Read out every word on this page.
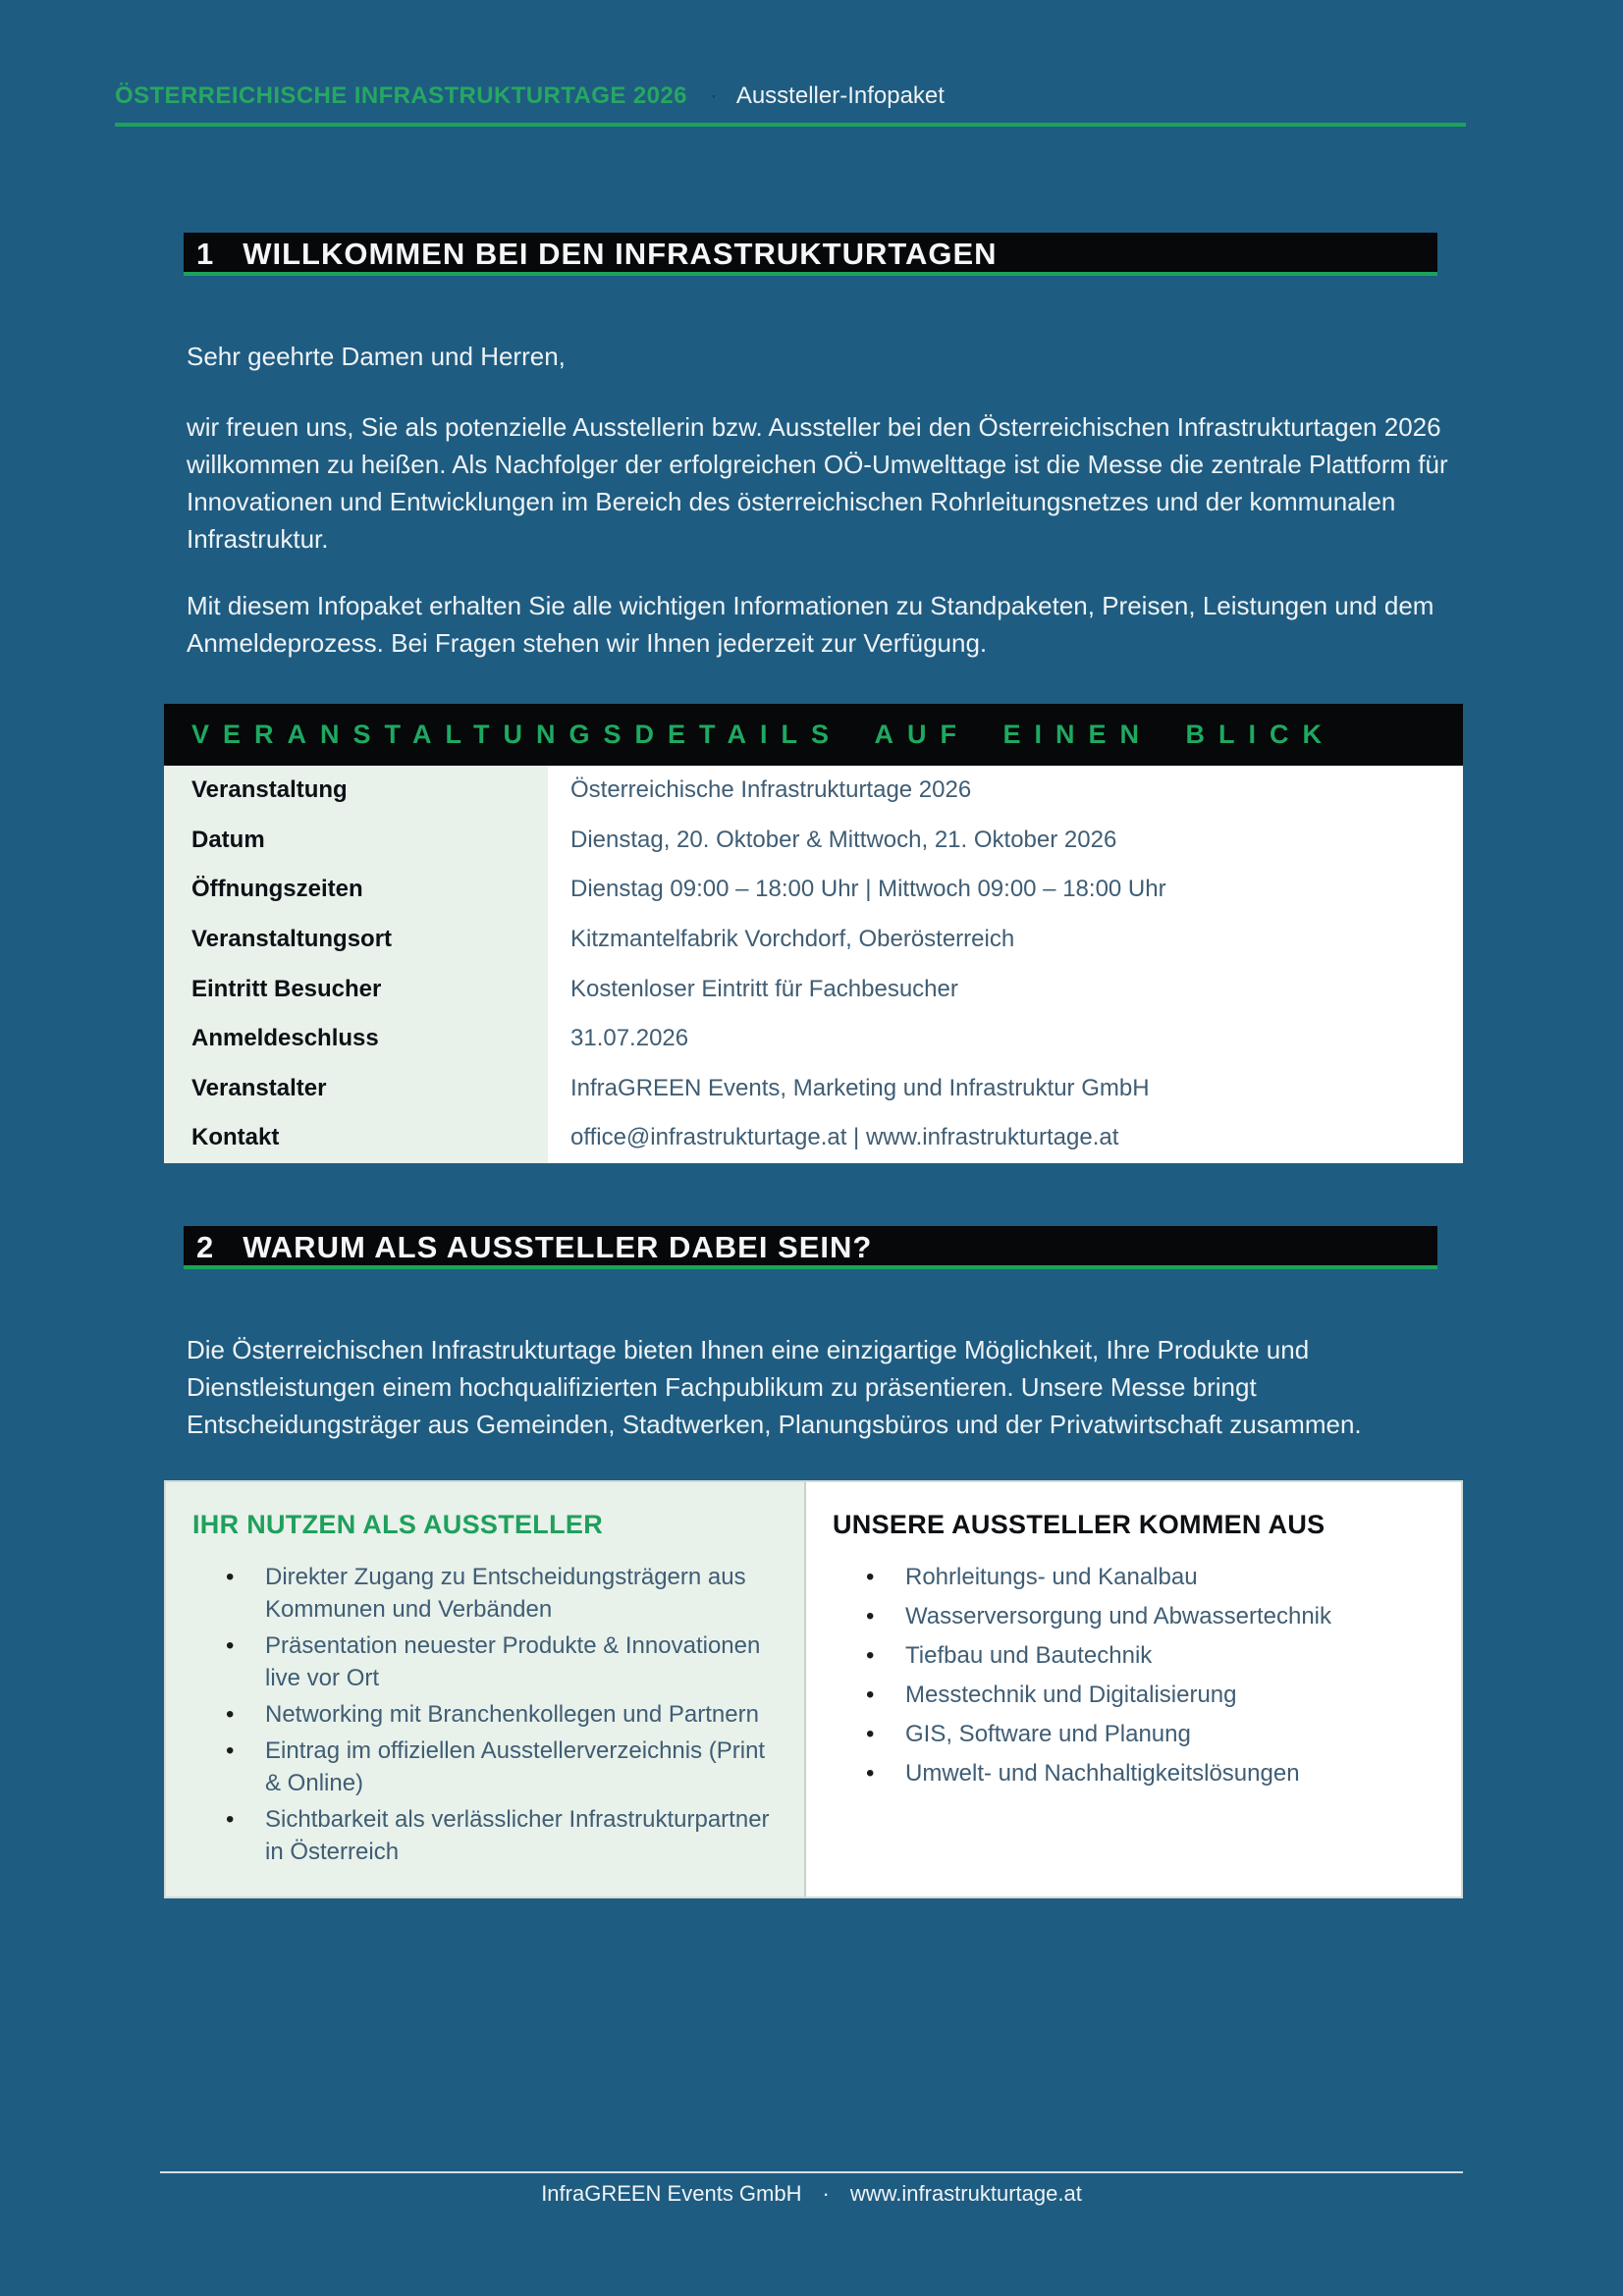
ÖSTERREICHISCHE INFRASTRUKTURTAGE 2026 · Aussteller-Infopaket
1 WILLKOMMEN BEI DEN INFRASTRUKTURTAGEN

Sehr geehrte Damen und Herren,

wir freuen uns, Sie als potenzielle Ausstellerin bzw. Aussteller bei den Österreichischen Infrastrukturtagen 2026 willkommen zu heißen. Als Nachfolger der erfolgreichen OÖ-Umwelttage ist die Messe die zentrale Plattform für Innovationen und Entwicklungen im Bereich des österreichischen Rohrleitungsnetzes und der kommunalen Infrastruktur.

Mit diesem Infopaket erhalten Sie alle wichtigen Informationen zu Standpaketen, Preisen, Leistungen und dem Anmeldeprozess. Bei Fragen stehen wir Ihnen jederzeit zur Verfügung.

VERANSTALTUNGSDETAILS AUF EINEN BLICK
Veranstaltung	Österreichische Infrastrukturtage 2026
Datum	Dienstag, 20. Oktober & Mittwoch, 21. Oktober 2026
Öffnungszeiten	Dienstag 09:00 – 18:00 Uhr | Mittwoch 09:00 – 18:00 Uhr
Veranstaltungsort	Kitzmantelfabrik Vorchdorf, Oberösterreich
Eintritt Besucher	Kostenloser Eintritt für Fachbesucher
Anmeldeschluss	31.07.2026
Veranstalter	InfraGREEN Events, Marketing und Infrastruktur GmbH
Kontakt	office@infrastrukturtage.at | www.infrastrukturtage.at
2 WARUM ALS AUSSTELLER DABEI SEIN?

Die Österreichischen Infrastrukturtage bieten Ihnen eine einzigartige Möglichkeit, Ihre Produkte und Dienstleistungen einem hochqualifizierten Fachpublikum zu präsentieren. Unsere Messe bringt Entscheidungsträger aus Gemeinden, Stadtwerken, Planungsbüros und der Privatwirtschaft zusammen.

IHR NUTZEN ALS AUSSTELLER
• Direkter Zugang zu Entscheidungsträgern aus Kommunen und Verbänden
• Präsentation neuester Produkte & Innovationen live vor Ort
• Networking mit Branchenkollegen und Partnern
• Eintrag im offiziellen Ausstellerverzeichnis (Print & Online)
• Sichtbarkeit als verlässlicher Infrastrukturpartner in Österreich
UNSERE AUSSTELLER KOMMEN AUS
• Rohrleitungs- und Kanalbau
• Wasserversorgung und Abwassertechnik
• Tiefbau und Bautechnik
• Messtechnik und Digitalisierung
• GIS, Software und Planung
• Umwelt- und Nachhaltigkeitslösungen
InfraGREEN Events GmbH · www.infrastrukturtage.at
